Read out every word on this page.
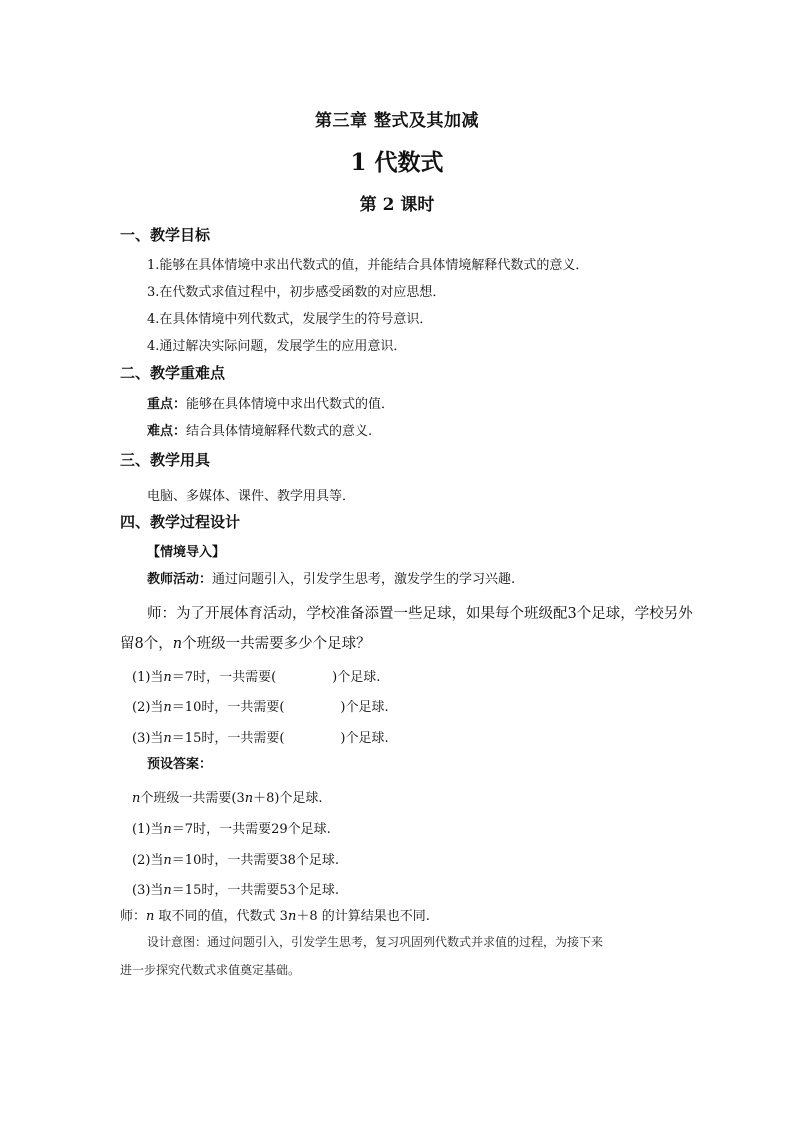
第三章 整式及其加减
1 代数式
第 2 课时
一、教学目标
1.能够在具体情境中求出代数式的值，并能结合具体情境解释代数式的意义．
3.在代数式求值过程中，初步感受函数的对应思想．
4.在具体情境中列代数式，发展学生的符号意识．
4.通过解决实际问题，发展学生的应用意识．
二、教学重难点
重点：能够在具体情境中求出代数式的值．
难点：结合具体情境解释代数式的意义.
三、教学用具
电脑、多媒体、课件、教学用具等．
四、教学过程设计
【情境导入】
教师活动：通过问题引入，引发学生思考，激发学生的学习兴趣.
师：为了开展体育活动，学校准备添置一些足球，如果每个班级配3个足球，学校另外
留8个，n个班级一共需要多少个足球？
(1)当n＝7时，一共需要(	)个足球.
(2)当n＝10时，一共需要(	)个足球.
(3)当n＝15时，一共需要(	)个足球.
预设答案：
n个班级一共需要(3n＋8)个足球.
(1)当n＝7时，一共需要29个足球.
(2)当n＝10时，一共需要38个足球.
(3)当n＝15时，一共需要53个足球.
师：n 取不同的值，代数式 3n＋8 的计算结果也不同.
设计意图：通过问题引入，引发学生思考，复习巩固列代数式并求值的过程，为接下来
进一步探究代数式求值奠定基础。
